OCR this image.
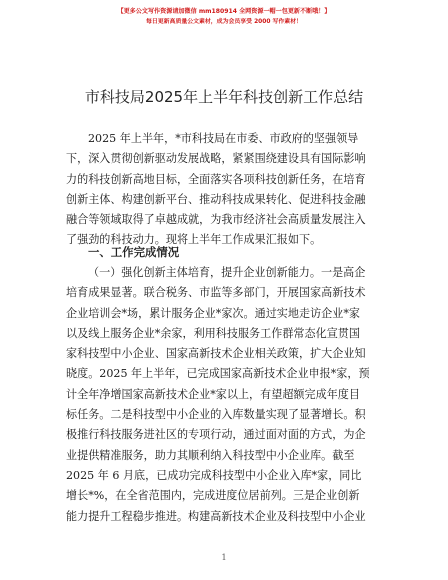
【更多公文写作资源请加微信 mm180914 全网资源一帽一包更新不断哦！】
每日更新高质量公文素材，成为会员享受 2000 写作素材！
市科技局2025年上半年科技创新工作总结
2025 年上半年，*市科技局在市委、市政府的坚强领导
下，深入贯彻创新驱动发展战略，紧紧围绕建设具有国际影响
力的科技创新高地目标，全面落实各项科技创新任务，在培育
创新主体、构建创新平台、推动科技成果转化、促进科技金融
融合等领域取得了卓越成就，为我市经济社会高质量发展注入
了强劲的科技动力。现将上半年工作成果汇报如下。
一、工作完成情况
（一）强化创新主体培育，提升企业创新能力。一是高企
培育成果显著。联合税务、市监等多部门，开展国家高新技术
企业培训会*场，累计服务企业*家次。通过实地走访企业*家
以及线上服务企业*余家，利用科技服务工作群常态化宣贯国
家科技型中小企业、国家高新技术企业相关政策，扩大企业知
晓度。2025 年上半年，已完成国家高新技术企业申报*家，预
计全年净增国家高新技术企业*家以上，有望超额完成年度目
标任务。二是科技型中小企业的入库数量实现了显著增长。积
极推行科技服务进社区的专项行动，通过面对面的方式，为企
业提供精准服务，助力其顺利纳入科技型中小企业库。截至
2025 年 6 月底，已成功完成科技型中小企业入库*家，同比
增长*%，在全省范围内，完成进度位居前列。三是企业创新
能力提升工程稳步推进。构建高新技术企业及科技型中小企业
1
